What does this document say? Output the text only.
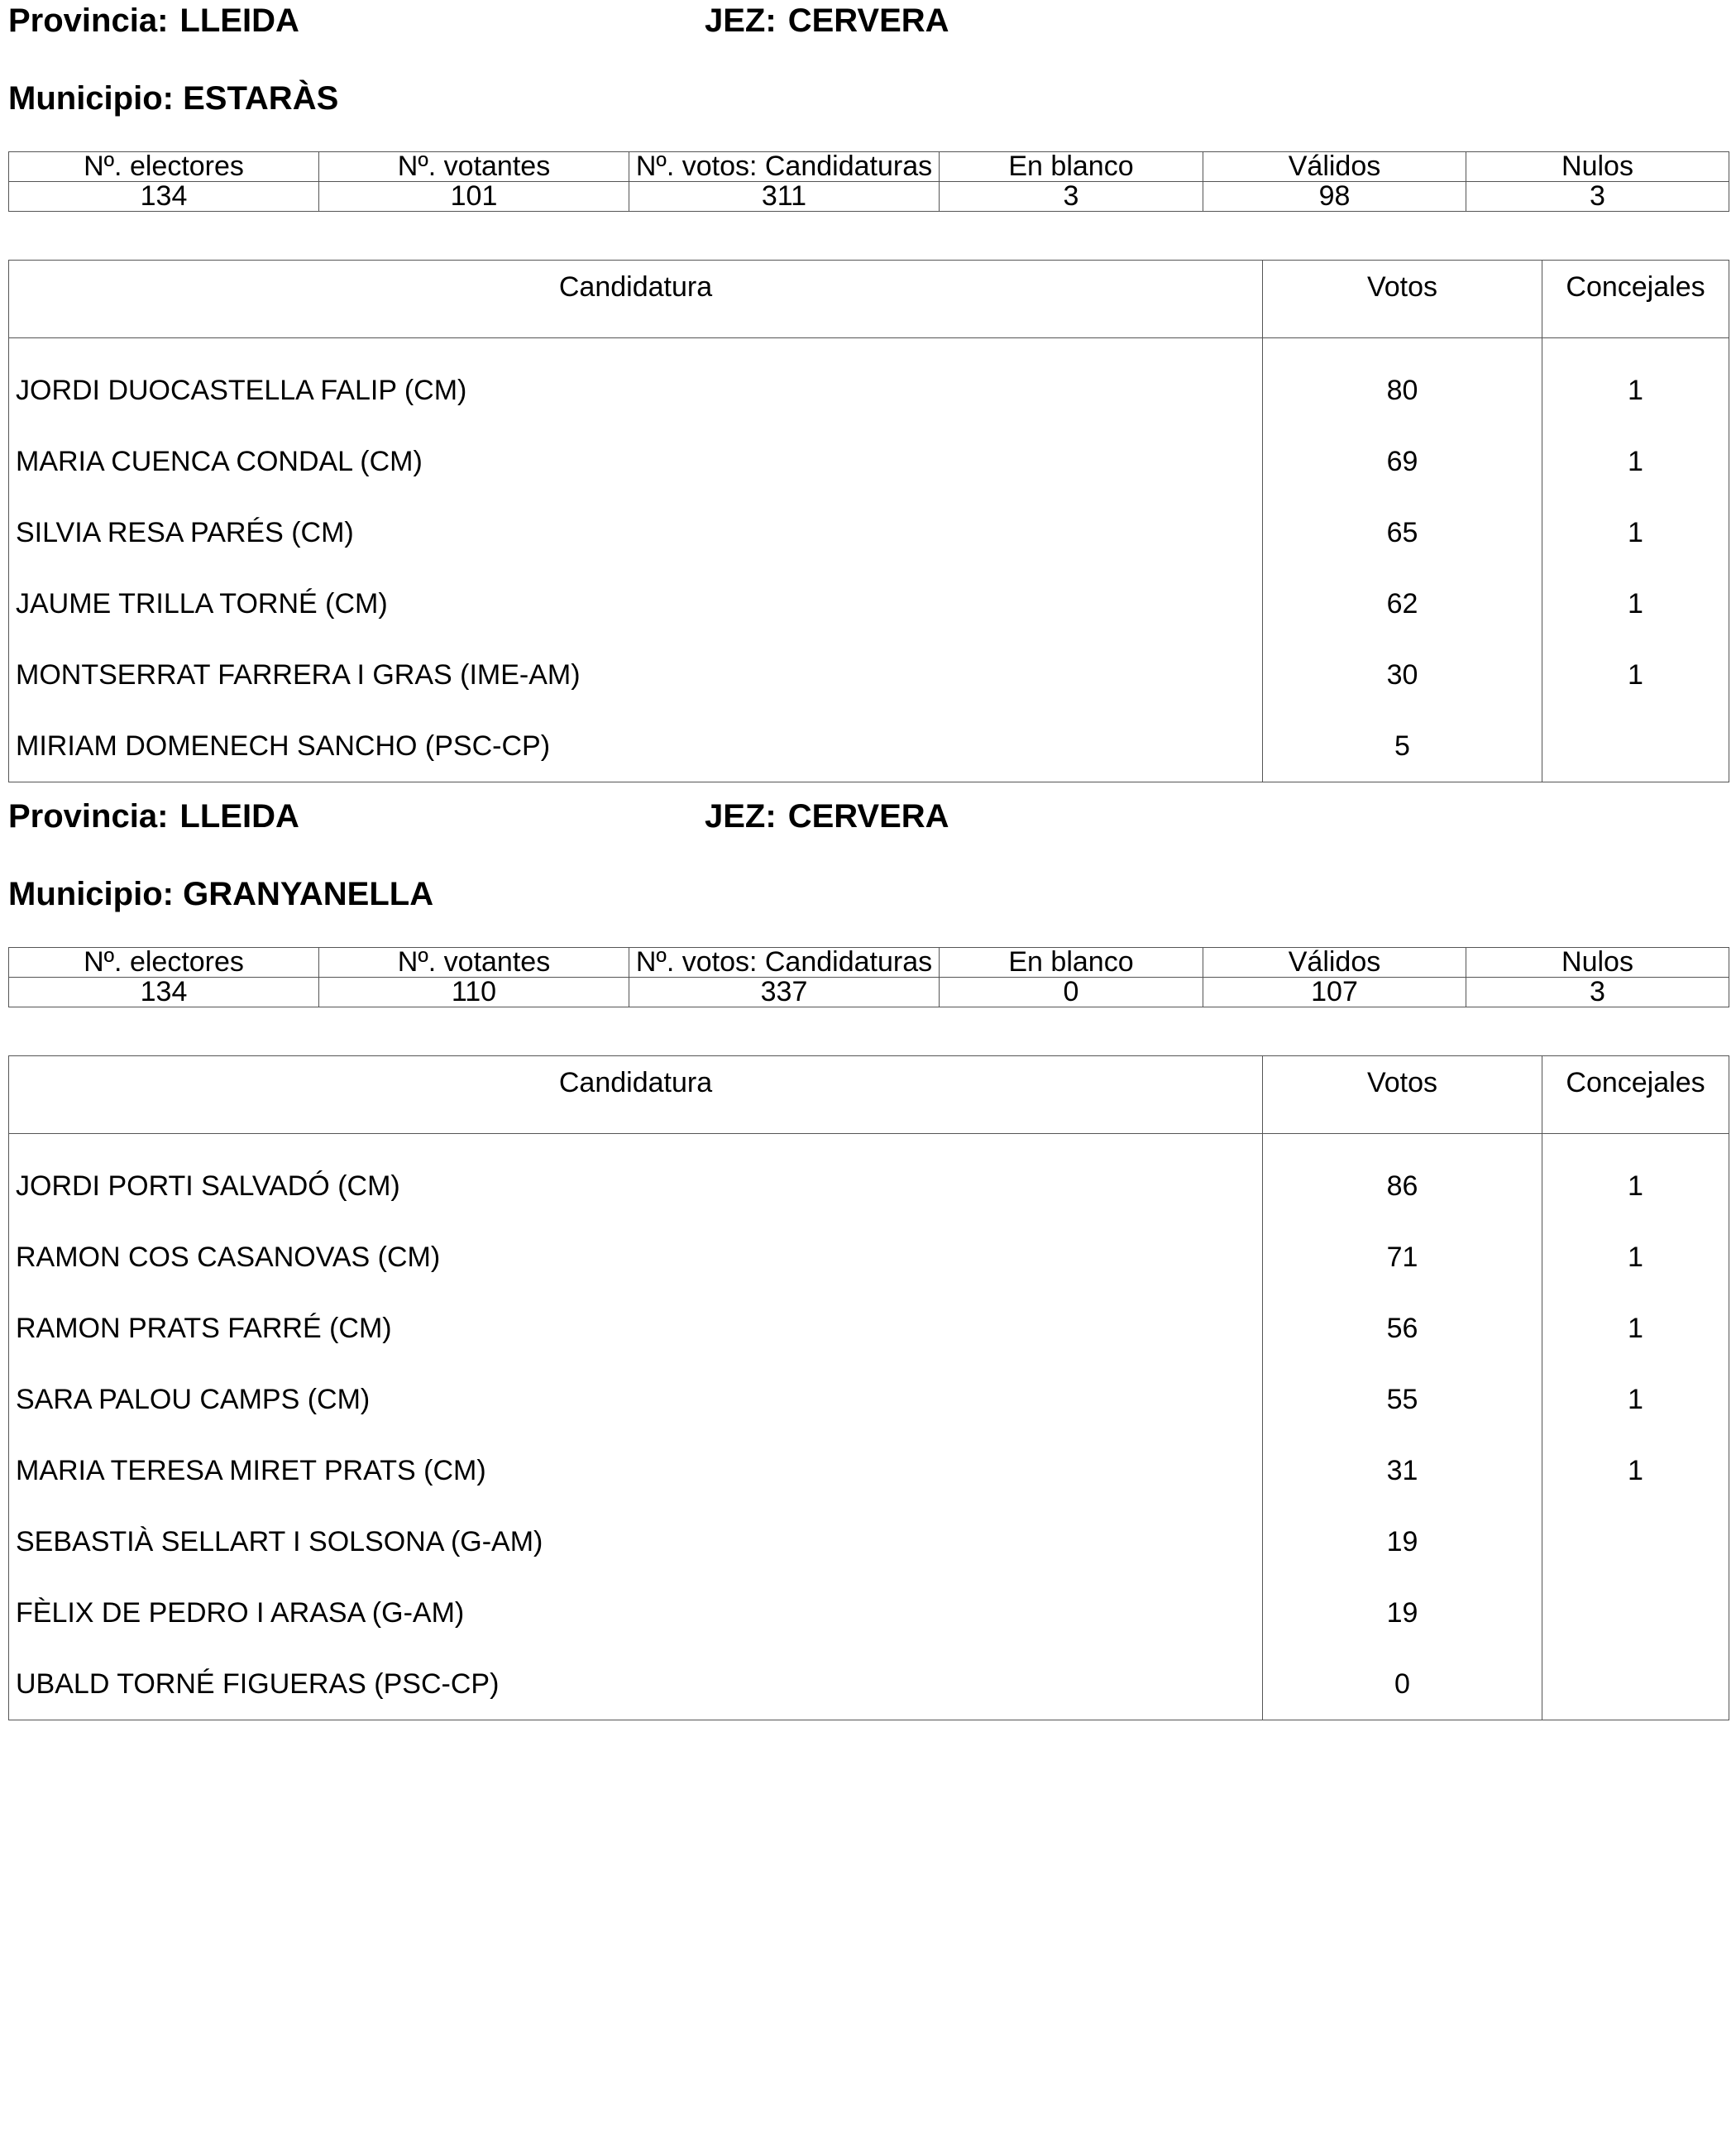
Provincia: LLEIDA	JEZ: CERVERA
Municipio: ESTARÀS
Nº. electores	Nº. votantes	Nº. votos: Candidaturas	En blanco	Válidos	Nulos
134	101	311	3	98	3
Candidatura	Votos	Concejales
JORDI DUOCASTELLA FALIP (CM)	80	1
MARIA CUENCA CONDAL (CM)	69	1
SILVIA RESA PARÉS (CM)	65	1
JAUME TRILLA TORNÉ (CM)	62	1
MONTSERRAT FARRERA I GRAS (IME-AM)	30	1
MIRIAM DOMENECH SANCHO (PSC-CP)	5	
Provincia: LLEIDA	JEZ: CERVERA
Municipio: GRANYANELLA
Nº. electores	Nº. votantes	Nº. votos: Candidaturas	En blanco	Válidos	Nulos
134	110	337	0	107	3
Candidatura	Votos	Concejales
JORDI PORTI SALVADÓ (CM)	86	1
RAMON COS CASANOVAS (CM)	71	1
RAMON PRATS FARRÉ (CM)	56	1
SARA PALOU CAMPS (CM)	55	1
MARIA TERESA MIRET PRATS (CM)	31	1
SEBASTIÀ SELLART I SOLSONA (G-AM)	19	
FÈLIX DE PEDRO I ARASA (G-AM)	19	
UBALD TORNÉ FIGUERAS (PSC-CP)	0	
